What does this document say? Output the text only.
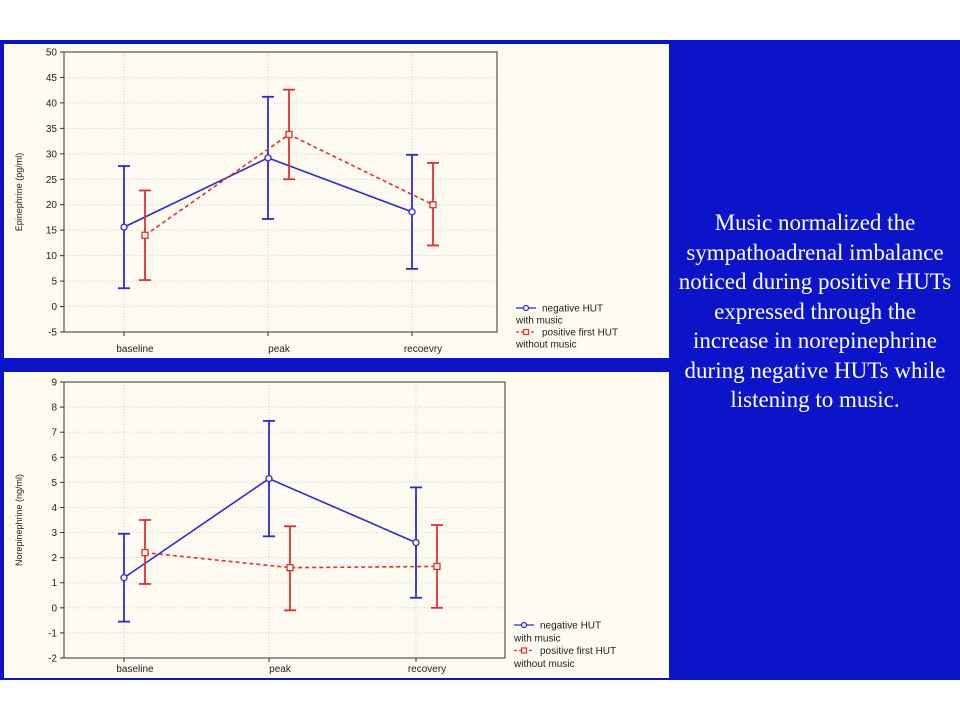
-5
0
5
10
15
20
25
30
35
40
45
50
baseline	peak	recoevry
Epinephrine (pg/ml)
negative HUT
with music
positive first HUT
without music
-2
-1
0
1
2
3
4
5
6
7
8
9
baseline	peak	recovery
Norepinephrine (ng/ml)
negative HUT
with music
positive first HUT
without music
Music normalized the sympathoadrenal imbalance noticed during positive HUTs expressed through the increase in norepinephrine during negative HUTs while listening to music.
